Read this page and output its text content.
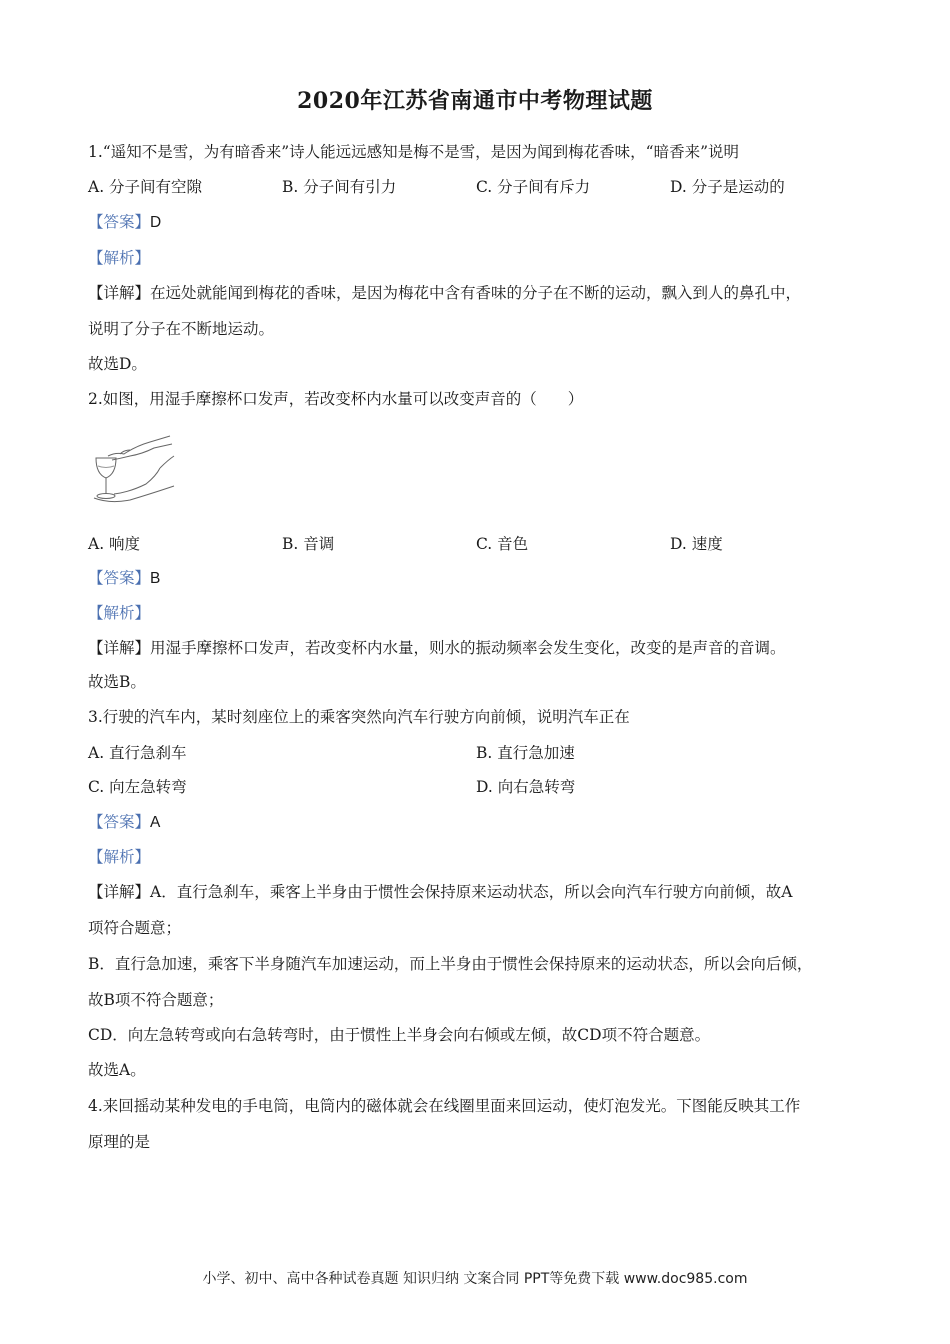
2020年江苏省南通市中考物理试题
1.“遥知不是雪，为有暗香来”诗人能远远感知是梅不是雪，是因为闻到梅花香味，“暗香来”说明
A. 分子间有空隙	B. 分子间有引力	C. 分子间有斥力	D. 分子是运动的
【答案】D
【解析】
【详解】在远处就能闻到梅花的香味，是因为梅花中含有香味的分子在不断的运动，飘入到人的鼻孔中，
说明了分子在不断地运动。
故选D。
2.如图，用湿手摩擦杯口发声，若改变杯内水量可以改变声音的（　　）
A. 响度	B. 音调	C. 音色	D. 速度
【答案】B
【解析】
【详解】用湿手摩擦杯口发声，若改变杯内水量，则水的振动频率会发生变化，改变的是声音的音调。
故选B。
3.行驶的汽车内，某时刻座位上的乘客突然向汽车行驶方向前倾，说明汽车正在
A. 直行急刹车	B. 直行急加速
C. 向左急转弯	D. 向右急转弯
【答案】A
【解析】
【详解】A．直行急刹车，乘客上半身由于惯性会保持原来运动状态，所以会向汽车行驶方向前倾，故A
项符合题意；
B．直行急加速，乘客下半身随汽车加速运动，而上半身由于惯性会保持原来的运动状态，所以会向后倾，
故B项不符合题意；
CD．向左急转弯或向右急转弯时，由于惯性上半身会向右倾或左倾，故CD项不符合题意。
故选A。
4.来回摇动某种发电的手电筒，电筒内的磁体就会在线圈里面来回运动，使灯泡发光。下图能反映其工作
原理的是
小学、初中、高中各种试卷真题 知识归纳 文案合同 PPT等免费下载 www.doc985.com
